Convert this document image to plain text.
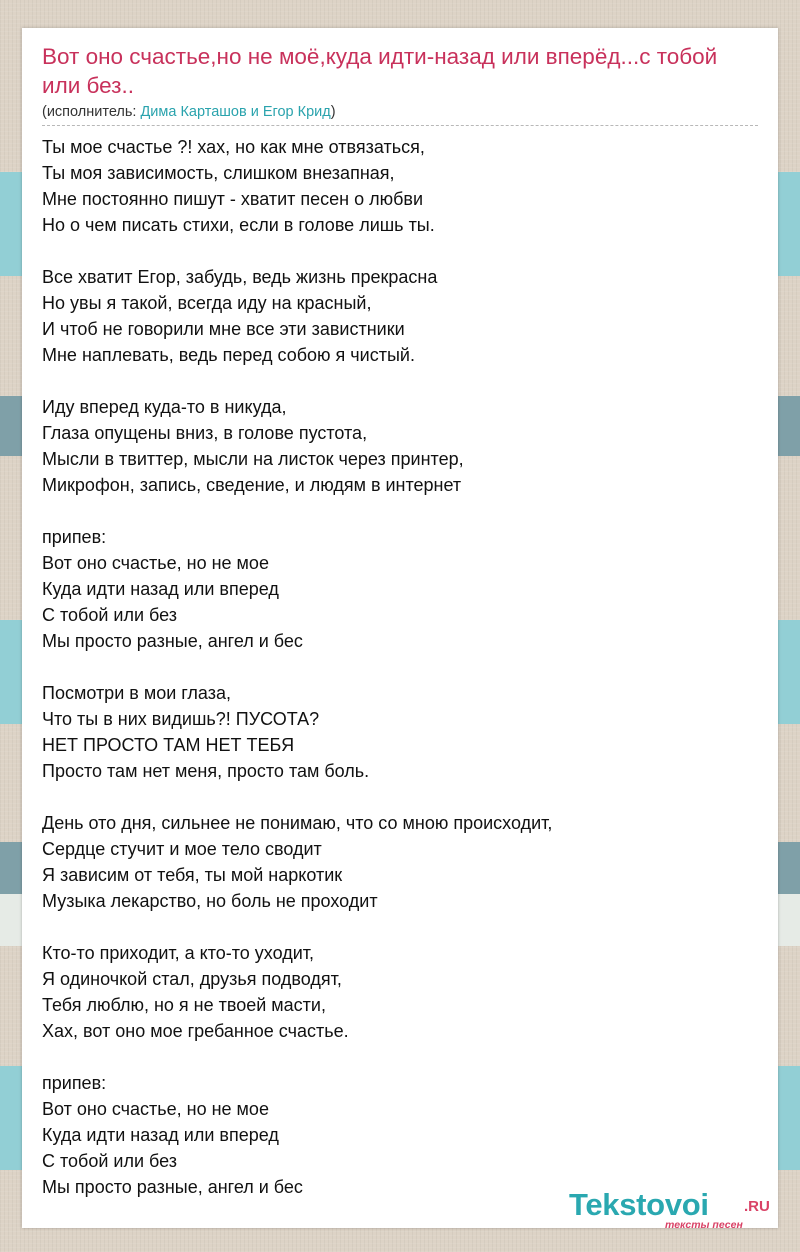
Вот оно счастье,но не моё,куда идти-назад или вперёд...с тобой или без..
(исполнитель: Дима Карташов и Егор Крид)
Ты мое счастье ?! хах, но как мне отвязаться,
Ты моя зависимость, слишком внезапная,
Мне постоянно пишут - хватит песен о любви
Но о чем писать стихи, если в голове лишь ты.
Все хватит Егор, забудь, ведь жизнь прекрасна
Но увы я такой, всегда иду на красный,
И чтоб не говорили мне все эти завистники
Мне наплевать, ведь перед собою я чистый.
Иду вперед куда-то в никуда,
Глаза опущены вниз, в голове пустота,
Мысли в твиттер, мысли на листок через принтер,
Микрофон, запись, сведение, и людям в интернет
припев:
Вот оно счастье, но не мое
Куда идти назад или вперед
С тобой или без
Мы просто разные, ангел и бес
Посмотри в мои глаза,
Что ты в них видишь?! ПУСОТА?
НЕТ ПРОСТО ТАМ НЕТ ТЕБЯ
Просто там нет меня, просто там боль.
День ото дня, сильнее не понимаю, что со мною происходит,
Сердце стучит и мое тело сводит
Я зависим от тебя, ты мой наркотик
Музыка лекарство, но боль не проходит
Кто-то приходит, а кто-то уходит,
Я одиночкой стал, друзья подводят,
Тебя люблю, но я не твоей масти,
Хах, вот оно мое гребанное счастье.
припев:
Вот оно счастье, но не мое
Куда идти назад или вперед
С тобой или без
Мы просто разные, ангел и бес	Tekstovoi .RU
тексты песен
